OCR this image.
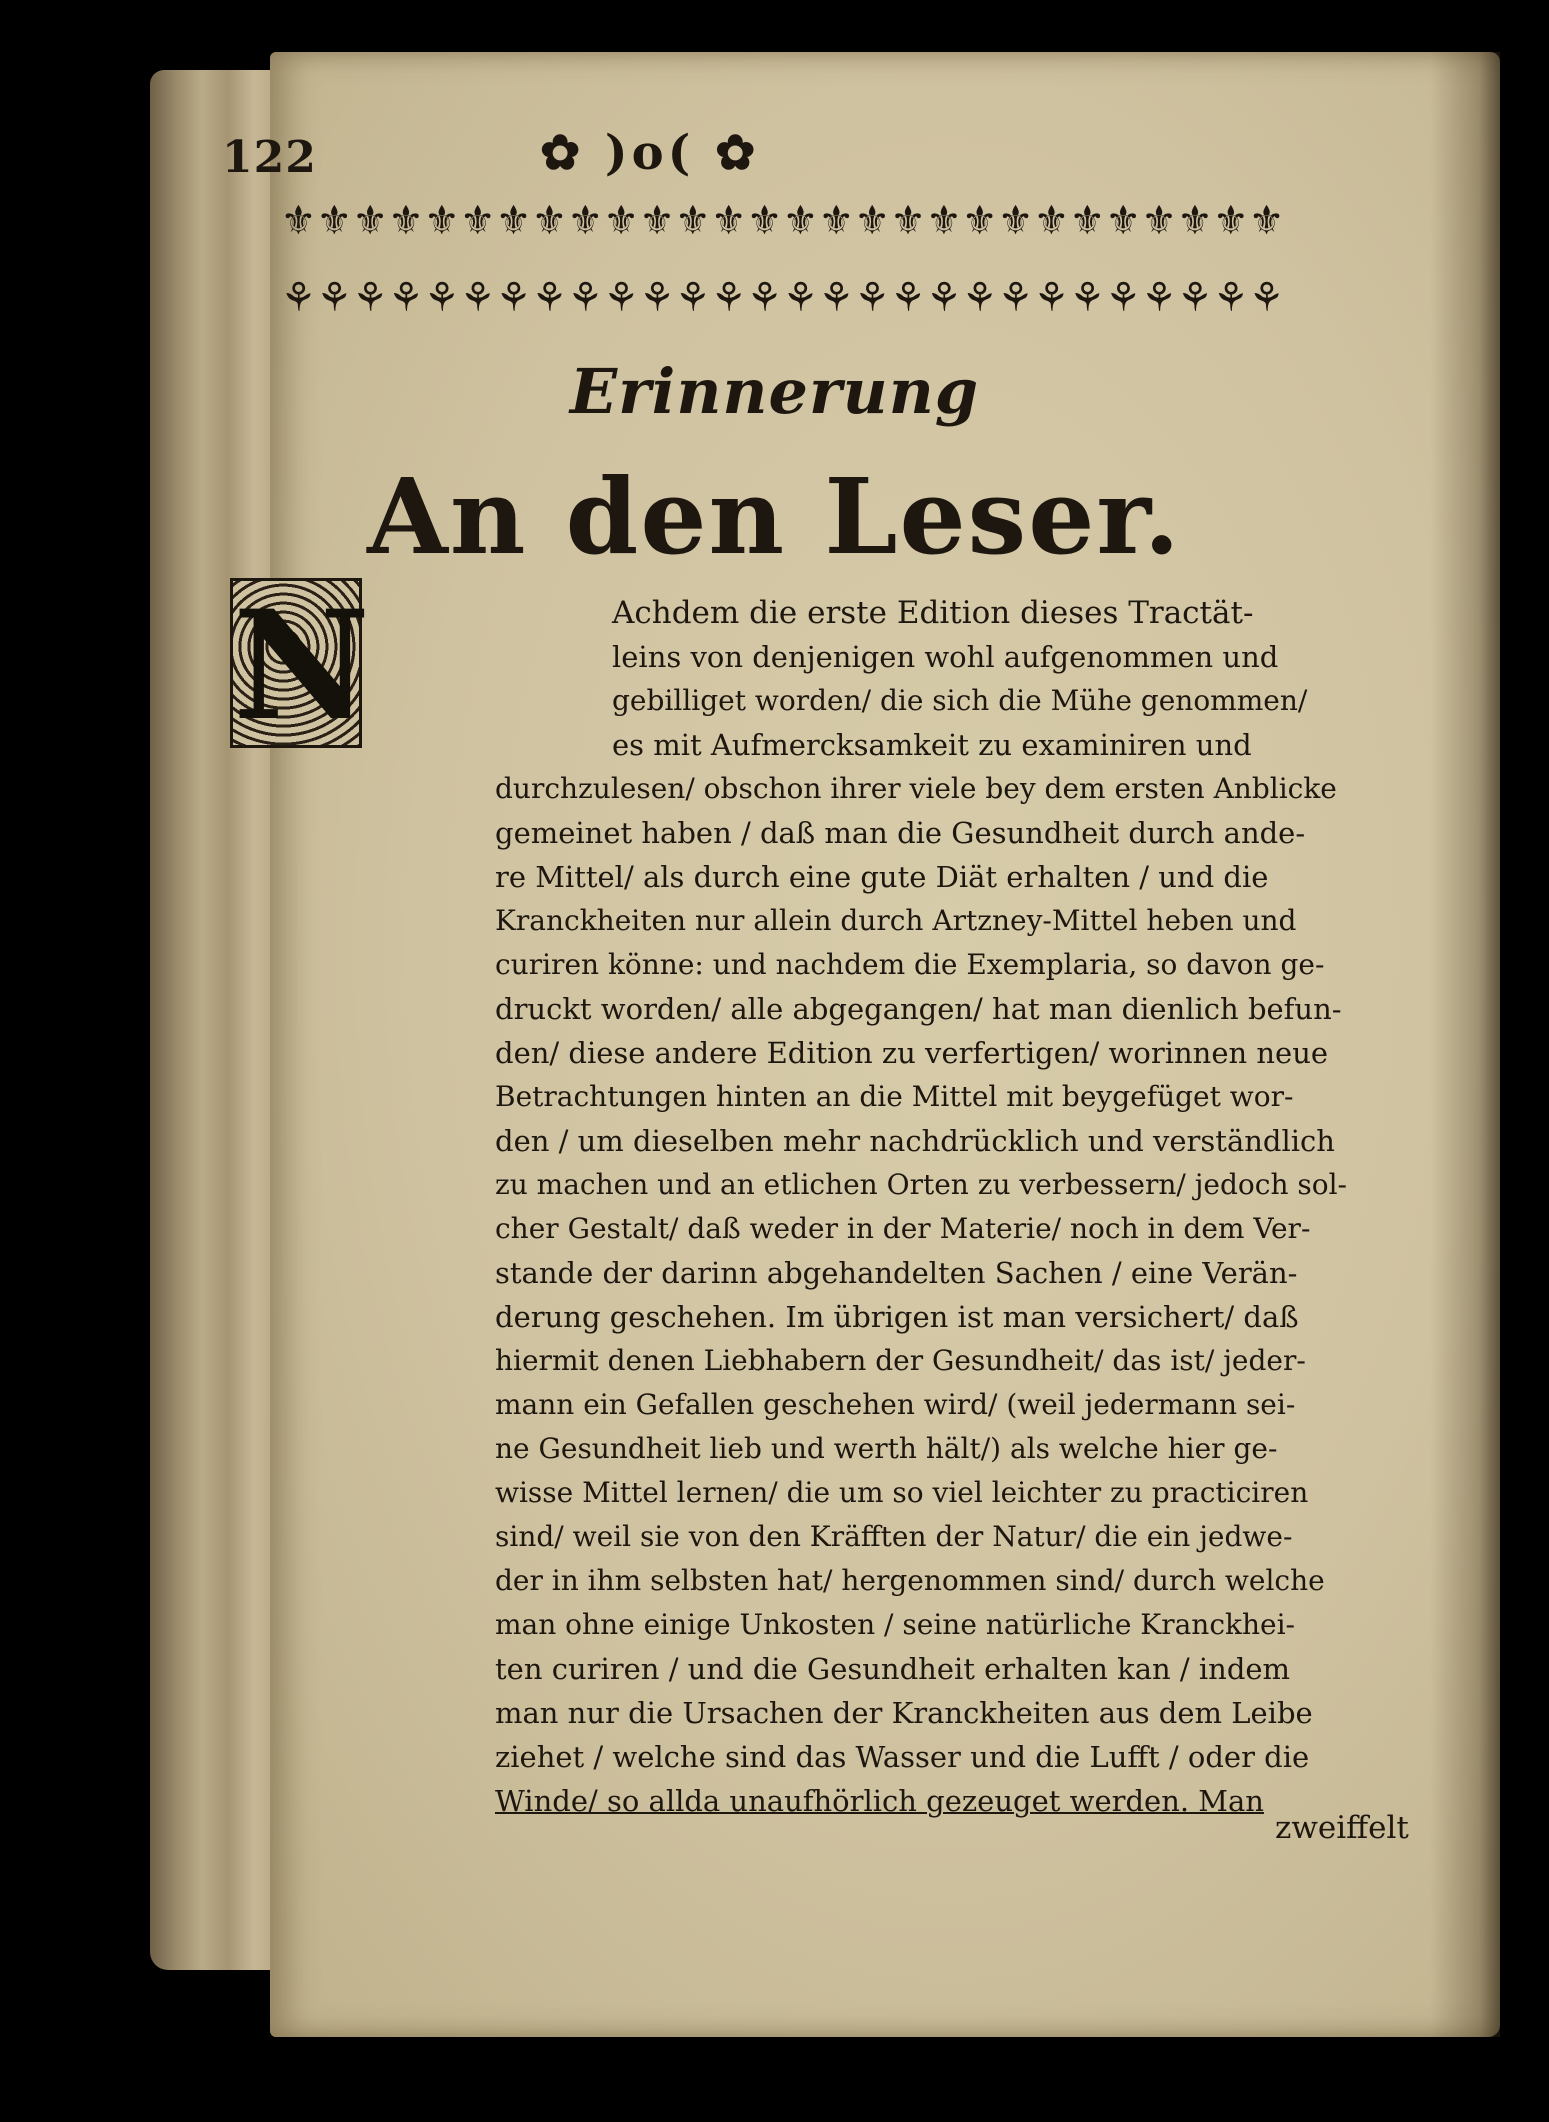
122	✿ )o( ✿
⚜⚜⚜⚜⚜⚜⚜⚜⚜⚜⚜⚜⚜⚜⚜⚜⚜⚜⚜⚜⚜⚜⚜⚜⚜⚜⚜⚜
⚘⚘⚘⚘⚘⚘⚘⚘⚘⚘⚘⚘⚘⚘⚘⚘⚘⚘⚘⚘⚘⚘⚘⚘⚘⚘⚘⚘
Erinnerung
An den Leser.
N	Achdem die erste Edition dieses Tractät-
leins von denjenigen wohl aufgenommen und
gebilliget worden/ die sich die Mühe genommen/
es mit Aufmercksamkeit zu examiniren und
durchzulesen/ obschon ihrer viele bey dem ersten Anblicke
gemeinet haben / daß man die Gesundheit durch ande-
re Mittel/ als durch eine gute Diät erhalten / und die
Kranckheiten nur allein durch Artzney-Mittel heben und
curiren könne: und nachdem die Exemplaria, so davon ge-
druckt worden/ alle abgegangen/ hat man dienlich befun-
den/ diese andere Edition zu verfertigen/ worinnen neue
Betrachtungen hinten an die Mittel mit beygefüget wor-
den / um dieselben mehr nachdrücklich und verständlich
zu machen und an etlichen Orten zu verbessern/ jedoch sol-
cher Gestalt/ daß weder in der Materie/ noch in dem Ver-
stande der darinn abgehandelten Sachen / eine Verän-
derung geschehen. Im übrigen ist man versichert/ daß
hiermit denen Liebhabern der Gesundheit/ das ist/ jeder-
mann ein Gefallen geschehen wird/ (weil jedermann sei-
ne Gesundheit lieb und werth hält/) als welche hier ge-
wisse Mittel lernen/ die um so viel leichter zu practiciren
sind/ weil sie von den Kräfften der Natur/ die ein jedwe-
der in ihm selbsten hat/ hergenommen sind/ durch welche
man ohne einige Unkosten / seine natürliche Kranckhei-
ten curiren / und die Gesundheit erhalten kan / indem
man nur die Ursachen der Kranckheiten aus dem Leibe
ziehet / welche sind das Wasser und die Lufft / oder die
Winde/ so allda unaufhörlich gezeuget werden. Man
zweiffelt
